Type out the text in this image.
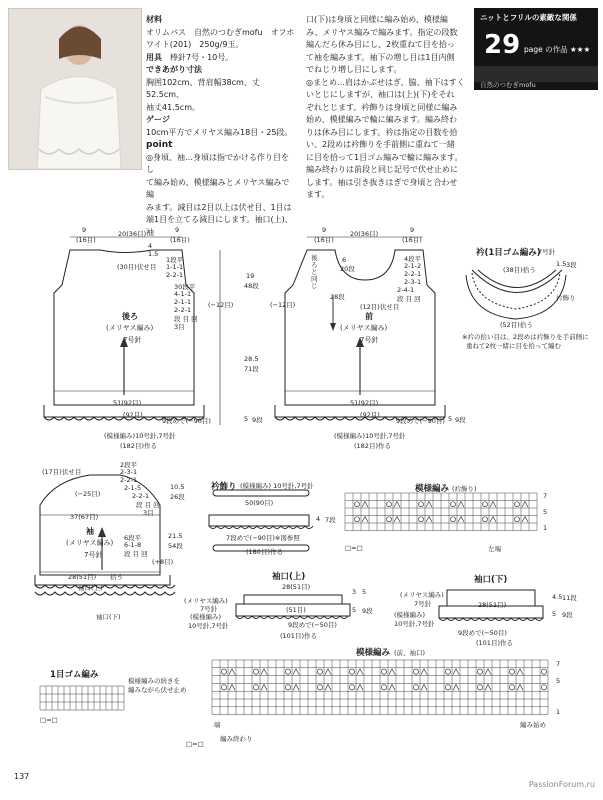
材料
オリムパス　自然のつむぎmofu　オフホ
ワイト(201)　250g/9玉。
用具　 棒針7号・10号。
できあがり寸法
胸囲102cm、背肩幅38cm、丈52.5cm、
袖丈41.5cm。
ゲージ
10cm平方でメリヤス編み18目・25段。
point
◎身頃、袖…身頃は指でかける作り目をし
て編み始め、模様編みとメリヤス編みで編
みます。減目は2目以上は伏せ目、1目は
端1目を立てる減目にします。袖口(上)、袖
口(下)は身頃と同様に編み始め、模様編
み、メリヤス編みで編みます。指定の段数
編んだら休み目にし、2枚重ねて目を拾っ
て袖を編みます。袖下の増し目は1目内側
でねじり増し目にします。
◎まとめ…肩はかぶせはぎ、脇、袖下はすく
いとじにしますが、袖口は(上)(下)をそれ
ぞれとじます。衿飾りは身頃と同様に編み
始め、模様編みで輪に編みます。編み終わ
りは休み目にします。衿は指定の目数を拾
い、2段めは衿飾りを手前側に重ねて一緒
に目を拾って1目ゴム編みで輪に編みます。
編み終わりは前段と同じ記号で伏せ止めに
します。袖は引き抜きはぎで身頃と合わせ
ます。
ニットとフリルの素敵な関係
29 page の作品 ★★★
自然のつむぎmofu
9
(16目)
20(36目)	9
(16目)
4
1.5
(30目)伏せ目
1段平
1-1-1
2-2-1
30段平
4-1-1
2-1-1
2-2-1
段 目 回
3目
(−12目)
19
48段
28.5
71段
後ろ
(メリヤス編み)
7号針
51(92目)
(92目)
9段めで(−90目)	5 9段
(模様編み)10号針,7号針
(182目)作る
9
(16目)
20(36目)	9
(16目)
後ろと同じ
6
20段
4段平
2-1-2
2-2-1
2-3-1
2-4-1
段 目 回
28段
(12目)伏せ目
(−12目)
前
(メリヤス編み)
7号針
51(92目)
(92目)
9段めで(−90目) 5 9段
(模様編み)10号針,7号針
(182目)作る
衿(1目ゴム編み)
7号針
(38目)拾う
1.5 3段
衿飾り
(52目)拾う
※衿の拾い目は、2段めは衿飾りを手前側に
重ねて2枚一緒に目を拾って編む
(17目)伏せ目
2段平
2-3-1
2-2-1
2-1-5
2-2-1
段 目 回
3目
(−25目)
10.5
26段
37(67目)
袖
(メリヤス編み)
7号針
6段平
6-1-8
段 目 回
21.5
54段
(+8目)
28(51目) 拾う
袖口(上)
袖口(下)
衿飾り (模様編み) 10号針,7号針
50(90目)
4 7段
7段めで(−90目)※図参照
(180目)作る
模様編み (衿飾り)
7
5
1
左端
□=□
袖口(上)
28(51目)
3 5
(メリヤス編み)
7号針
(模様編み)
10号針,7号針
(51目)	5 9段
9段めで(−50目)
(101目)作る
袖口(下)
(メリヤス編み)
7号針	28(51目)
4.5 11段
(模様編み)
10号針,7号針
5 9段
9段めで(−50目)
(101目)作る
1目ゴム編み
模様編みの続きを
編みながら伏せ止め
□=□
模様編み (前、袖口)
7
5
1
端
編み終わり
編み始め
□=□
137
PassionForum.ru
